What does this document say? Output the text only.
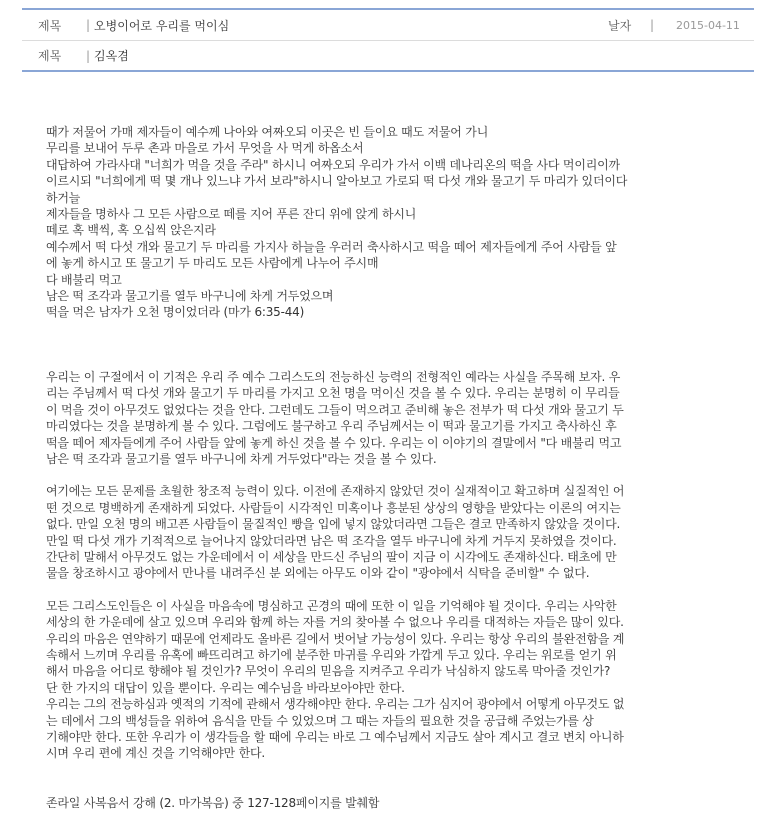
제목	| 오병이어로 우리를 먹이심	날자	|	2015-04-11
제목	| 김옥겸
때가 저물어 가매 제자들이 예수께 나아와 여짜오되 이곳은 빈 들이요 때도 저물어 가니
무리를 보내어 두루 촌과 마을로 가서 무엇을 사 먹게 하옵소서
대답하여 가라사대 "너희가 먹을 것을 주라" 하시니 여짜오되 우리가 가서 이백 데나리온의 떡을 사다 먹이리이까
이르시되 "너희에게 떡 몇 개나 있느냐 가서 보라"하시니 알아보고 가로되 떡 다섯 개와 물고기 두 마리가 있더이다
하거늘
제자들을 명하사 그 모든 사람으로 떼를 지어 푸른 잔디 위에 앉게 하시니
떼로 혹 백씩, 혹 오십씩 앉은지라
예수께서 떡 다섯 개와 물고기 두 마리를 가지사 하늘을 우러러 축사하시고 떡을 떼어 제자들에게 주어 사람들 앞
에 놓게 하시고 또 물고기 두 마리도 모든 사람에게 나누어 주시매
다 배불리 먹고
남은 떡 조각과 물고기를 열두 바구니에 차게 거두었으며
떡을 먹은 남자가 오천 명이었더라 (마가 6:35-44)
우리는 이 구절에서 이 기적은 우리 주 예수 그리스도의 전능하신 능력의 전형적인 예라는 사실을 주목해 보자. 우
리는 주님께서 떡 다섯 개와 물고기 두 마리를 가지고 오천 명을 먹이신 것을 볼 수 있다. 우리는 분명히 이 무리들
이 먹을 것이 아무것도 없었다는 것을 안다. 그런데도 그들이 먹으려고 준비해 놓은 전부가 떡 다섯 개와 물고기 두
마리였다는 것을 분명하게 볼 수 있다. 그럼에도 불구하고 우리 주님께서는 이 떡과 물고기를 가지고 축사하신 후
떡을 떼어 제자들에게 주어 사람들 앞에 놓게 하신 것을 볼 수 있다. 우리는 이 이야기의 결말에서 "다 배불리 먹고
남은 떡 조각과 물고기를 열두 바구니에 차게 거두었다"라는 것을 볼 수 있다.
여기에는 모든 문제를 초월한 창조적 능력이 있다. 이전에 존재하지 않았던 것이 실재적이고 확고하며 실질적인 어
떤 것으로 명백하게 존재하게 되었다. 사람들이 시각적인 미혹이나 흥분된 상상의 영향을 받았다는 이론의 여지는
없다. 만일 오천 명의 배고픈 사람들이 물질적인 빵을 입에 넣지 않았더라면 그들은 결코 만족하지 않았을 것이다.
만일 떡 다섯 개가 기적적으로 늘어나지 않았더라면 남은 떡 조각을 열두 바구니에 차게 거두지 못하였을 것이다.
간단히 말해서 아무것도 없는 가운데에서 이 세상을 만드신 주님의 팔이 지금 이 시각에도 존재하신다. 태초에 만
물을 창조하시고 광야에서 만나를 내려주신 분 외에는 아무도 이와 같이 "광야에서 식탁을 준비할" 수 없다.
모든 그리스도인들은 이 사실을 마음속에 명심하고 곤경의 때에 또한 이 일을 기억해야 될 것이다. 우리는 사악한
세상의 한 가운데에 살고 있으며 우리와 함께 하는 자를 거의 찾아볼 수 없으나 우리를 대적하는 자들은 많이 있다.
우리의 마음은 연약하기 때문에 언제라도 올바른 길에서 벗어날 가능성이 있다. 우리는 항상 우리의 불완전함을 계
속해서 느끼며 우리를 유혹에 빠뜨리려고 하기에 분주한 마귀를 우리와 가깝게 두고 있다. 우리는 위로를 얻기 위
해서 마음을 어디로 향해야 될 것인가? 무엇이 우리의 믿음을 지켜주고 우리가 낙심하지 않도록 막아줄 것인가?
단 한 가지의 대답이 있을 뿐이다. 우리는 예수님을 바라보아야만 한다.
우리는 그의 전능하심과 옛적의 기적에 관해서 생각해야만 한다. 우리는 그가 심지어 광야에서 어떻게 아무것도 없
는 데에서 그의 백성들을 위하여 음식을 만들 수 있었으며 그 때는 자들의 필요한 것을 공급해 주었는가를 상
기해야만 한다. 또한 우리가 이 생각들을 할 때에 우리는 바로 그 예수님께서 지금도 살아 계시고 결코 변치 아니하
시며 우리 편에 계신 것을 기억해야만 한다.
존라일 사복음서 강해 (2. 마가복음) 중 127-128페이지를 발췌함
